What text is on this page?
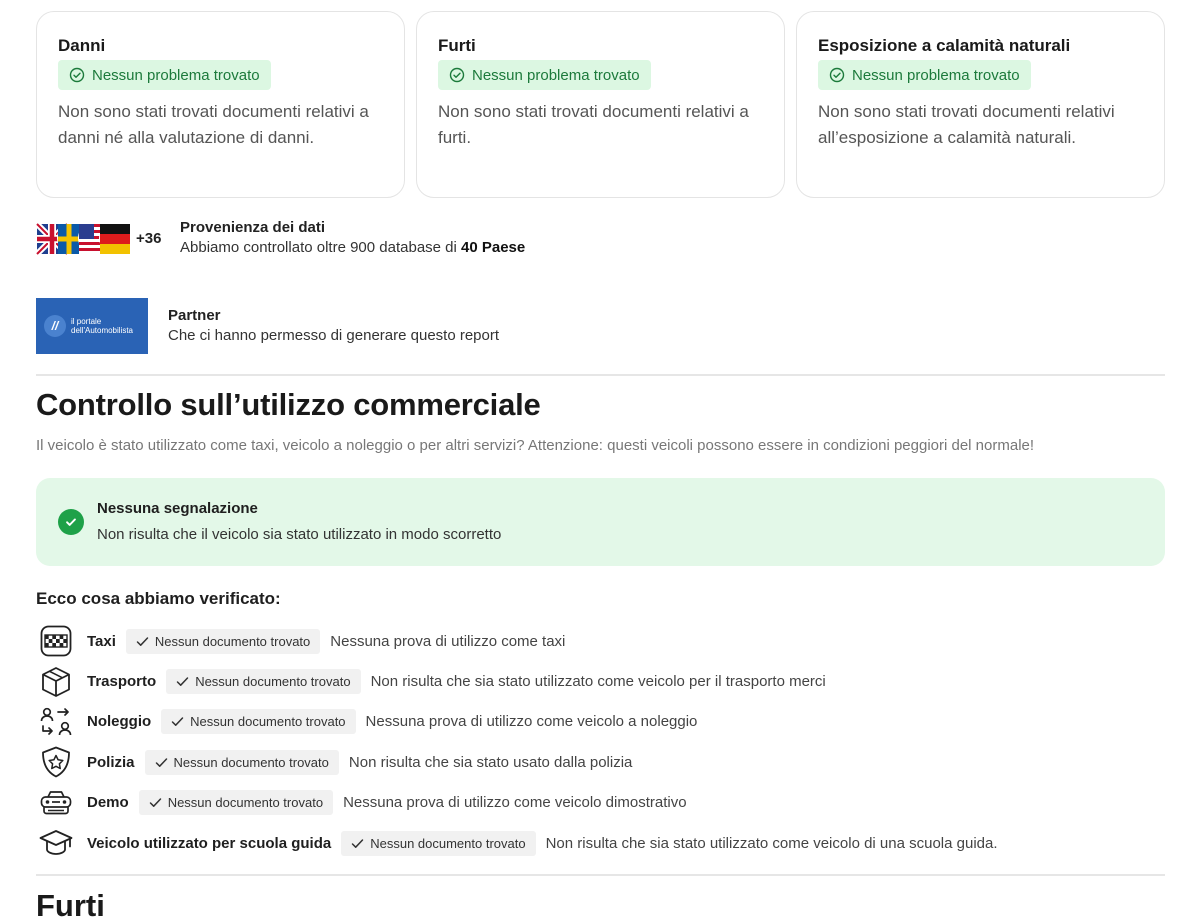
Danni
Nessun problema trovato
Non sono stati trovati documenti relativi a danni né alla valutazione di danni.
Furti
Nessun problema trovato
Non sono stati trovati documenti relativi a furti.
Esposizione a calamità naturali
Nessun problema trovato
Non sono stati trovati documenti relativi all’esposizione a calamità naturali.
+36
Provenienza dei dati
Abbiamo controllato oltre 900 database di 40 Paese
//	il portale
dell'Automobilista
Partner
Che ci hanno permesso di generare questo report
Controllo sull’utilizzo commerciale
Il veicolo è stato utilizzato come taxi, veicolo a noleggio o per altri servizi? Attenzione: questi veicoli possono essere in condizioni peggiori del normale!
Nessuna segnalazione
Non risulta che il veicolo sia stato utilizzato in modo scorretto
Ecco cosa abbiamo verificato:
Taxi	Nessun documento trovato Nessuna prova di utilizzo come taxi
Trasporto	Nessun documento trovato Non risulta che sia stato utilizzato come veicolo per il trasporto merci
Noleggio	Nessun documento trovato Nessuna prova di utilizzo come veicolo a noleggio
Polizia	Nessun documento trovato Non risulta che sia stato usato dalla polizia
Demo	Nessun documento trovato Nessuna prova di utilizzo come veicolo dimostrativo
Veicolo utilizzato per scuola guida	Nessun documento trovato Non risulta che sia stato utilizzato come veicolo di una scuola guida.
Furti
